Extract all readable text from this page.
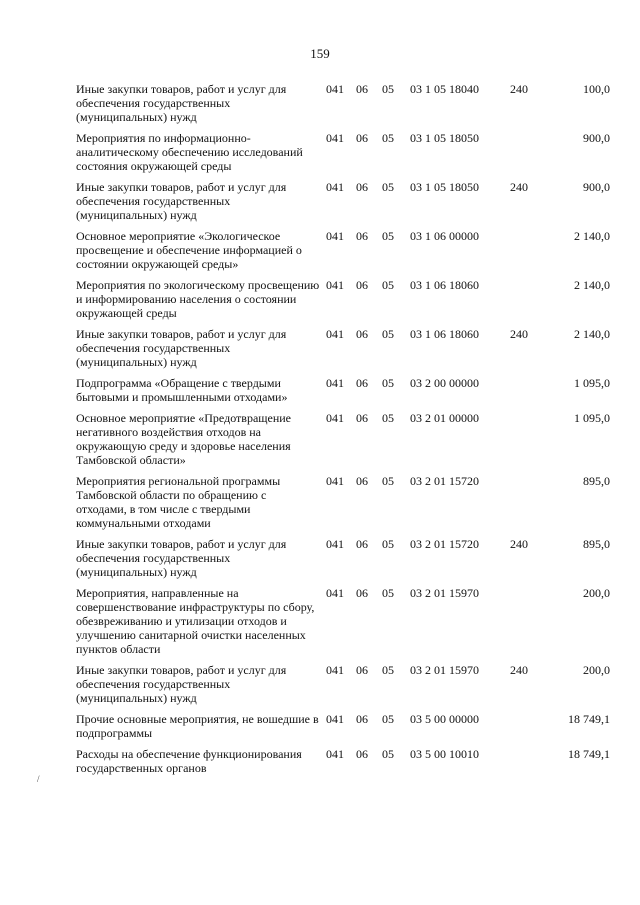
159
Иные закупки товаров, работ и услуг для обеспечения государственных (муниципальных) нужд	041	06	05	03 1 05 18040	240	100,0
Мероприятия по информационно-аналитическому обеспечению исследований состояния окружающей среды	041	06	05	03 1 05 18050		900,0
Иные закупки товаров, работ и услуг для обеспечения государственных (муниципальных) нужд	041	06	05	03 1 05 18050	240	900,0
Основное мероприятие «Экологическое просвещение и обеспечение информацией о состоянии окружающей среды»	041	06	05	03 1 06 00000		2 140,0
Мероприятия по экологическому просвещению и информированию населения о состоянии окружающей среды	041	06	05	03 1 06 18060		2 140,0
Иные закупки товаров, работ и услуг для обеспечения государственных (муниципальных) нужд	041	06	05	03 1 06 18060	240	2 140,0
Подпрограмма «Обращение с твердыми бытовыми и промышленными отходами»	041	06	05	03 2 00 00000		1 095,0
Основное мероприятие «Предотвращение негативного воздействия отходов на окружающую среду и здоровье населения Тамбовской области»	041	06	05	03 2 01 00000		1 095,0
Мероприятия региональной программы Тамбовской области по обращению с отходами, в том числе с твердыми коммунальными отходами	041	06	05	03 2 01 15720		895,0
Иные закупки товаров, работ и услуг для обеспечения государственных (муниципальных) нужд	041	06	05	03 2 01 15720	240	895,0
Мероприятия, направленные на совершенствование инфраструктуры по сбору, обезвреживанию и утилизации отходов и улучшению санитарной очистки населенных пунктов области	041	06	05	03 2 01 15970		200,0
Иные закупки товаров, работ и услуг для обеспечения государственных (муниципальных) нужд	041	06	05	03 2 01 15970	240	200,0
Прочие основные мероприятия, не вошедшие в подпрограммы	041	06	05	03 5 00 00000		18 749,1
Расходы на обеспечение функционирования государственных органов	041	06	05	03 5 00 10010		18 749,1
/
